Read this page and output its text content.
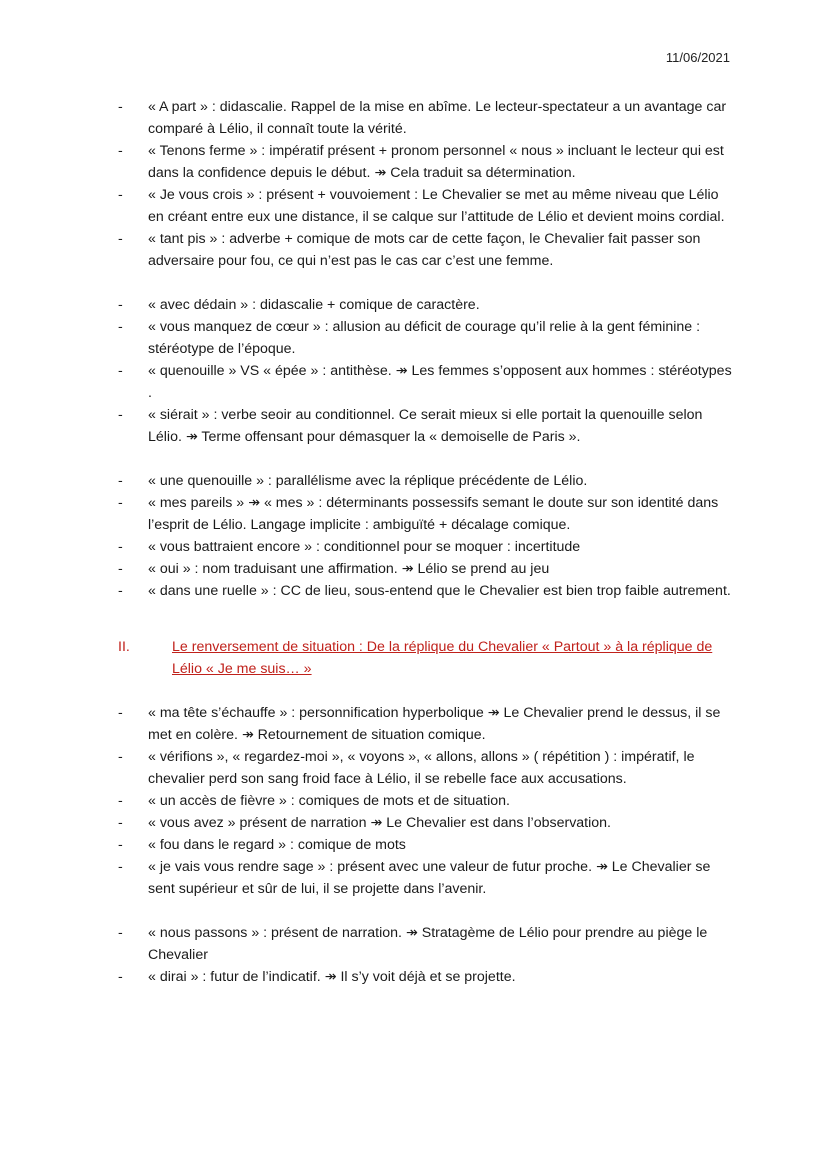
11/06/2021
-	« A part » : didascalie. Rappel de la mise en abîme. Le lecteur-spectateur a un avantage car comparé à Lélio, il connaît toute la vérité.
-	« Tenons ferme » : impératif présent + pronom personnel « nous » incluant le lecteur qui est dans la confidence depuis le début. ↠ Cela traduit sa détermination.
-	« Je vous crois » : présent + vouvoiement : Le Chevalier se met au même niveau que Lélio en créant entre eux une distance, il se calque sur l’attitude de Lélio et devient moins cordial.
-	« tant pis » : adverbe + comique de mots car de cette façon, le Chevalier fait passer son adversaire pour fou, ce qui n’est pas le cas car c’est une femme.
-	« avec dédain » : didascalie + comique de caractère.
-	« vous manquez de cœur » : allusion au déficit de courage qu’il relie à la gent féminine : stéréotype de l’époque.
-	« quenouille » VS « épée » : antithèse. ↠ Les femmes s’opposent aux hommes : stéréotypes .
-	« siérait » : verbe seoir au conditionnel. Ce serait mieux si elle portait la quenouille selon Lélio. ↠ Terme offensant pour démasquer la « demoiselle de Paris ».
-	« une quenouille » : parallélisme avec la réplique précédente de Lélio.
-	« mes pareils » ↠ « mes » : déterminants possessifs semant le doute sur son identité dans l’esprit de Lélio. Langage implicite : ambiguïté + décalage comique.
-	« vous battraient encore » : conditionnel pour se moquer : incertitude
-	« oui » : nom traduisant une affirmation. ↠ Lélio se prend au jeu
-	« dans une ruelle » : CC de lieu, sous-entend que le Chevalier est bien trop faible autrement.
II.	Le renversement de situation : De la réplique du Chevalier « Partout » à la réplique de Lélio « Je me suis… »
-	« ma tête s’échauffe » : personnification hyperbolique ↠ Le Chevalier prend le dessus, il se met en colère. ↠ Retournement de situation comique.
-	« vérifions », « regardez-moi », « voyons », « allons, allons » ( répétition ) : impératif, le chevalier perd son sang froid face à Lélio, il se rebelle face aux accusations.
-	« un accès de fièvre » : comiques de mots et de situation.
-	« vous avez » présent de narration ↠ Le Chevalier est dans l’observation.
-	« fou dans le regard » : comique de mots
-	« je vais vous rendre sage » : présent avec une valeur de futur proche. ↠ Le Chevalier se sent supérieur et sûr de lui, il se projette dans l’avenir.
-	« nous passons » : présent de narration. ↠ Stratagème de Lélio pour prendre au piège le Chevalier
-	« dirai » : futur de l’indicatif. ↠ Il s’y voit déjà et se projette.
